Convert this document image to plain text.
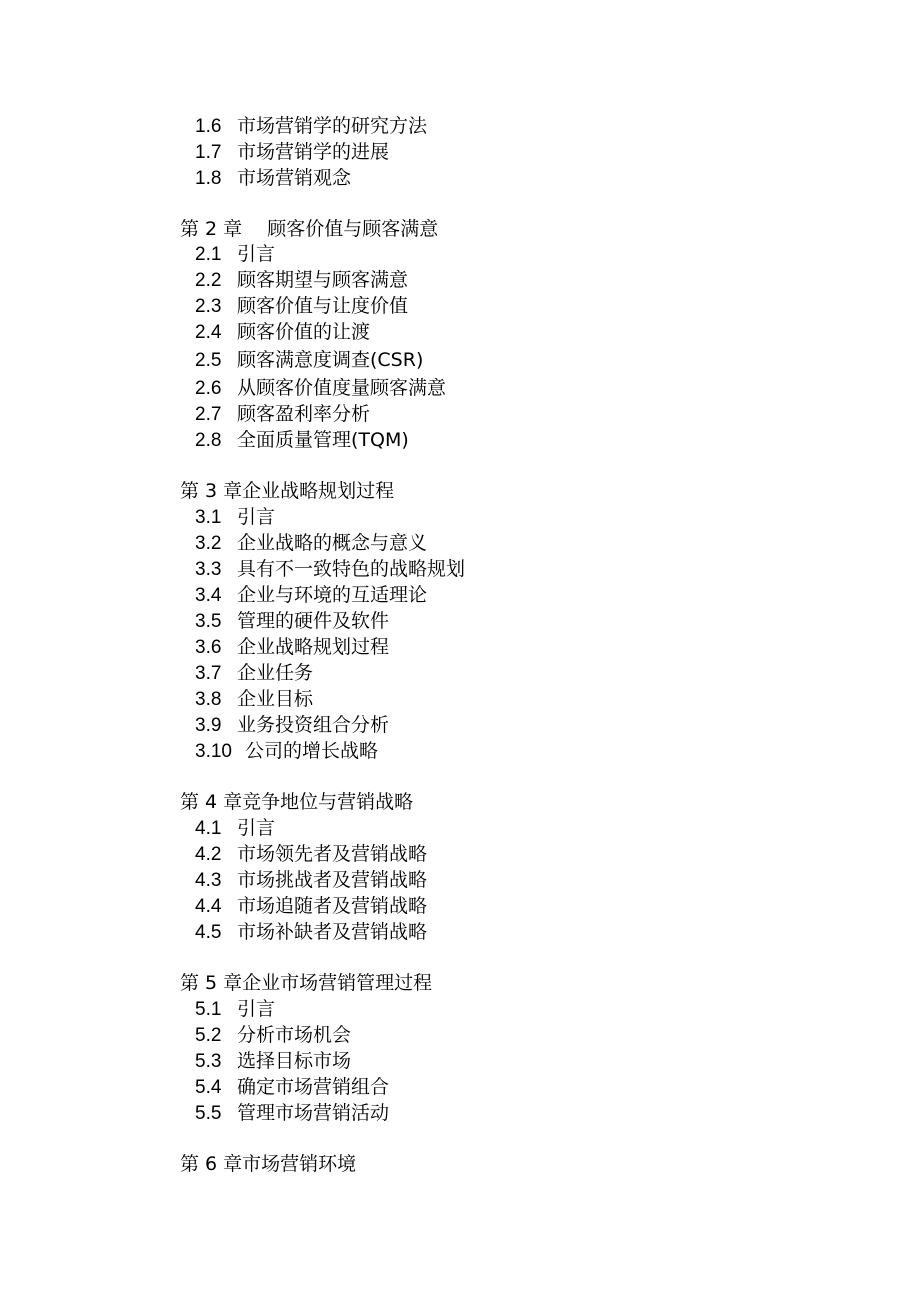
1.6 市场营销学的研究方法
1.7 市场营销学的进展
1.8 市场营销观念
第 2 章　 顾客价值与顾客满意
2.1 引言
2.2 顾客期望与顾客满意
2.3 顾客价值与让度价值
2.4 顾客价值的让渡
2.5 顾客满意度调查(CSR)
2.6 从顾客价值度量顾客满意
2.7 顾客盈利率分析
2.8 全面质量管理(TQM)
第 3 章企业战略规划过程
3.1 引言
3.2 企业战略的概念与意义
3.3 具有不一致特色的战略规划
3.4 企业与环境的互适理论
3.5 管理的硬件及软件
3.6 企业战略规划过程
3.7 企业任务
3.8 企业目标
3.9 业务投资组合分析
3.10 公司的增长战略
第 4 章竞争地位与营销战略
4.1 引言
4.2 市场领先者及营销战略
4.3 市场挑战者及营销战略
4.4 市场追随者及营销战略
4.5 市场补缺者及营销战略
第 5 章企业市场营销管理过程
5.1 引言
5.2 分析市场机会
5.3 选择目标市场
5.4 确定市场营销组合
5.5 管理市场营销活动
第 6 章市场营销环境
